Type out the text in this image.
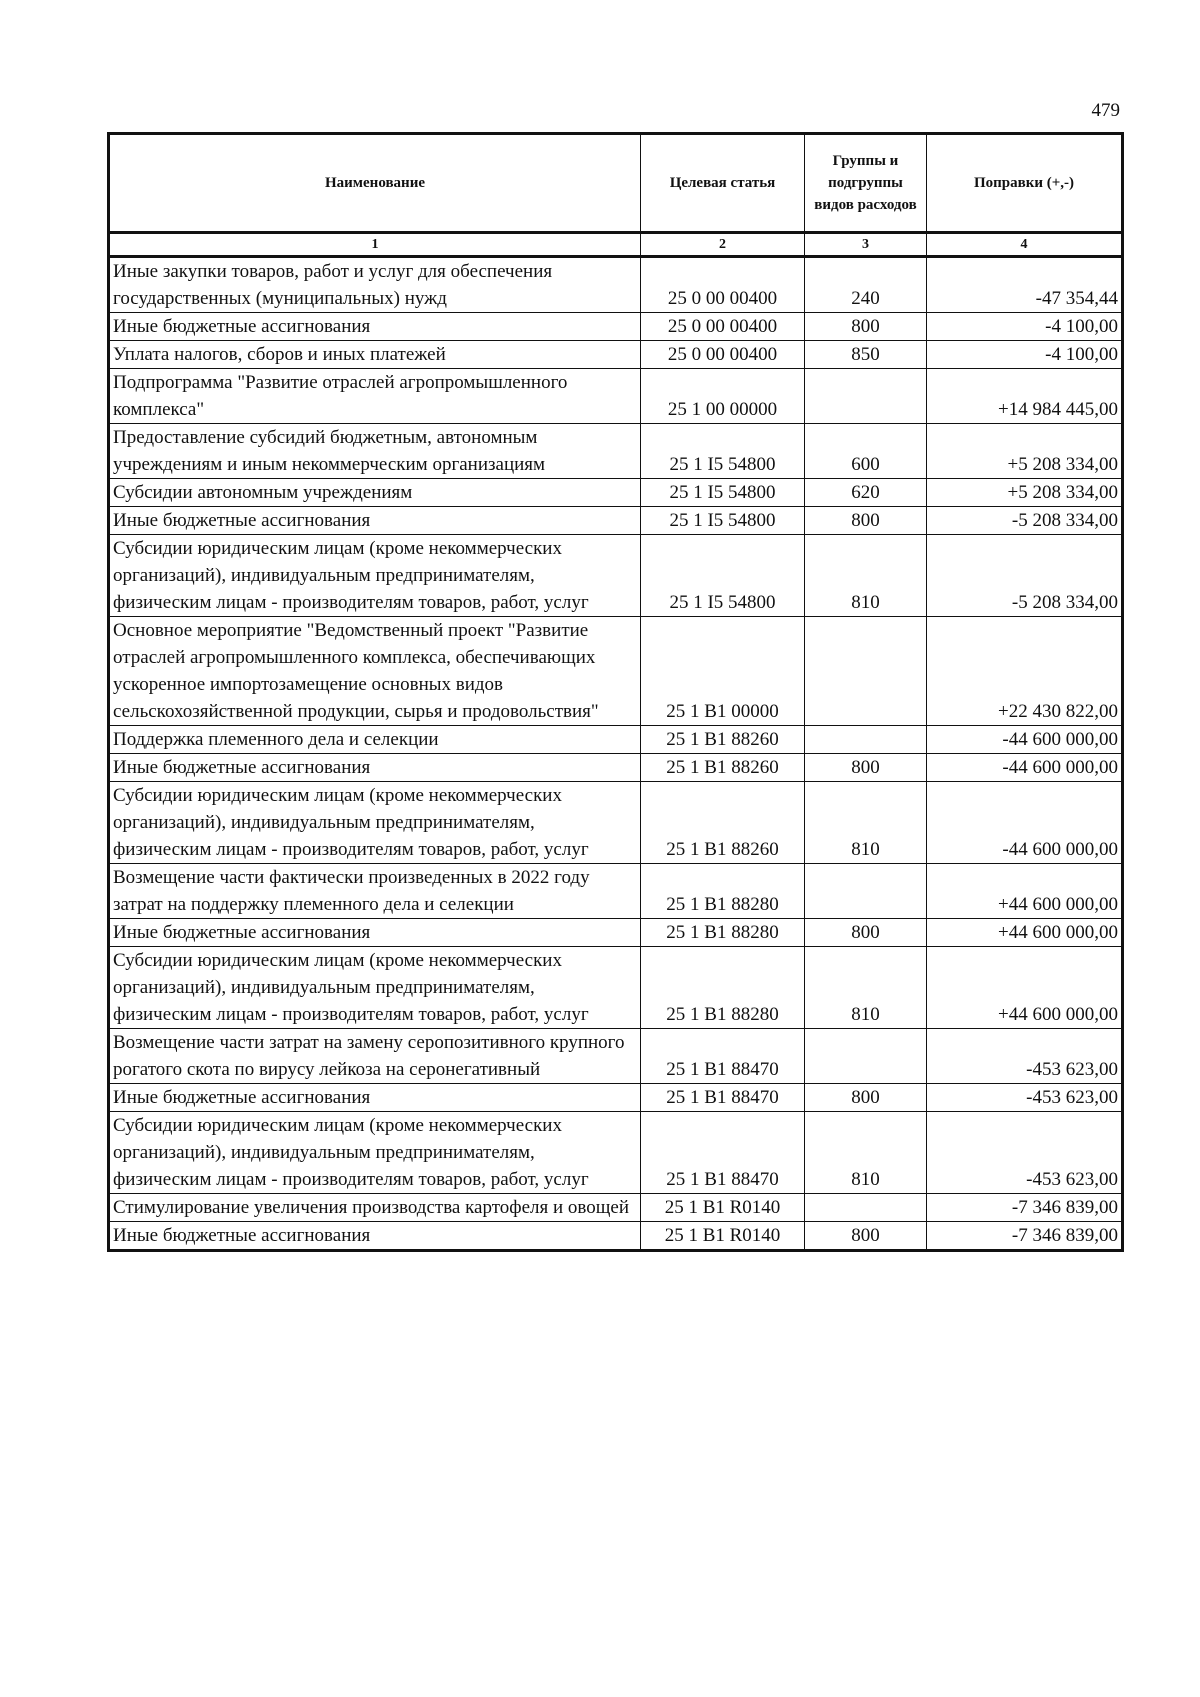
479
Наименование	Целевая статья	Группы и подгруппы видов расходов	Поправки (+,-)
1	2	3	4
Иные закупки товаров, работ и услуг для обеспечения государственных (муниципальных) нужд	25 0 00 00400	240	-47 354,44
Иные бюджетные ассигнования	25 0 00 00400	800	-4 100,00
Уплата налогов, сборов и иных платежей	25 0 00 00400	850	-4 100,00
Подпрограмма "Развитие отраслей агропромышленного комплекса"	25 1 00 00000		+14 984 445,00
Предоставление субсидий бюджетным, автономным учреждениям и иным некоммерческим организациям	25 1 I5 54800	600	+5 208 334,00
Субсидии автономным учреждениям	25 1 I5 54800	620	+5 208 334,00
Иные бюджетные ассигнования	25 1 I5 54800	800	-5 208 334,00
Субсидии юридическим лицам (кроме некоммерческих организаций), индивидуальным предпринимателям, физическим лицам - производителям товаров, работ, услуг	25 1 I5 54800	810	-5 208 334,00
Основное мероприятие "Ведомственный проект "Развитие отраслей агропромышленного комплекса, обеспечивающих ускоренное импортозамещение основных видов сельскохозяйственной продукции, сырья и продовольствия"	25 1 B1 00000		+22 430 822,00
Поддержка племенного дела и селекции	25 1 B1 88260		-44 600 000,00
Иные бюджетные ассигнования	25 1 B1 88260	800	-44 600 000,00
Субсидии юридическим лицам (кроме некоммерческих организаций), индивидуальным предпринимателям, физическим лицам - производителям товаров, работ, услуг	25 1 B1 88260	810	-44 600 000,00
Возмещение части фактически произведенных в 2022 году затрат на поддержку племенного дела и селекции	25 1 B1 88280		+44 600 000,00
Иные бюджетные ассигнования	25 1 B1 88280	800	+44 600 000,00
Субсидии юридическим лицам (кроме некоммерческих организаций), индивидуальным предпринимателям, физическим лицам - производителям товаров, работ, услуг	25 1 B1 88280	810	+44 600 000,00
Возмещение части затрат на замену серопозитивного крупного рогатого скота по вирусу лейкоза на серонегативный	25 1 B1 88470		-453 623,00
Иные бюджетные ассигнования	25 1 B1 88470	800	-453 623,00
Субсидии юридическим лицам (кроме некоммерческих организаций), индивидуальным предпринимателям, физическим лицам - производителям товаров, работ, услуг	25 1 B1 88470	810	-453 623,00
Стимулирование увеличения производства картофеля и овощей	25 1 B1 R0140		-7 346 839,00
Иные бюджетные ассигнования	25 1 B1 R0140	800	-7 346 839,00
